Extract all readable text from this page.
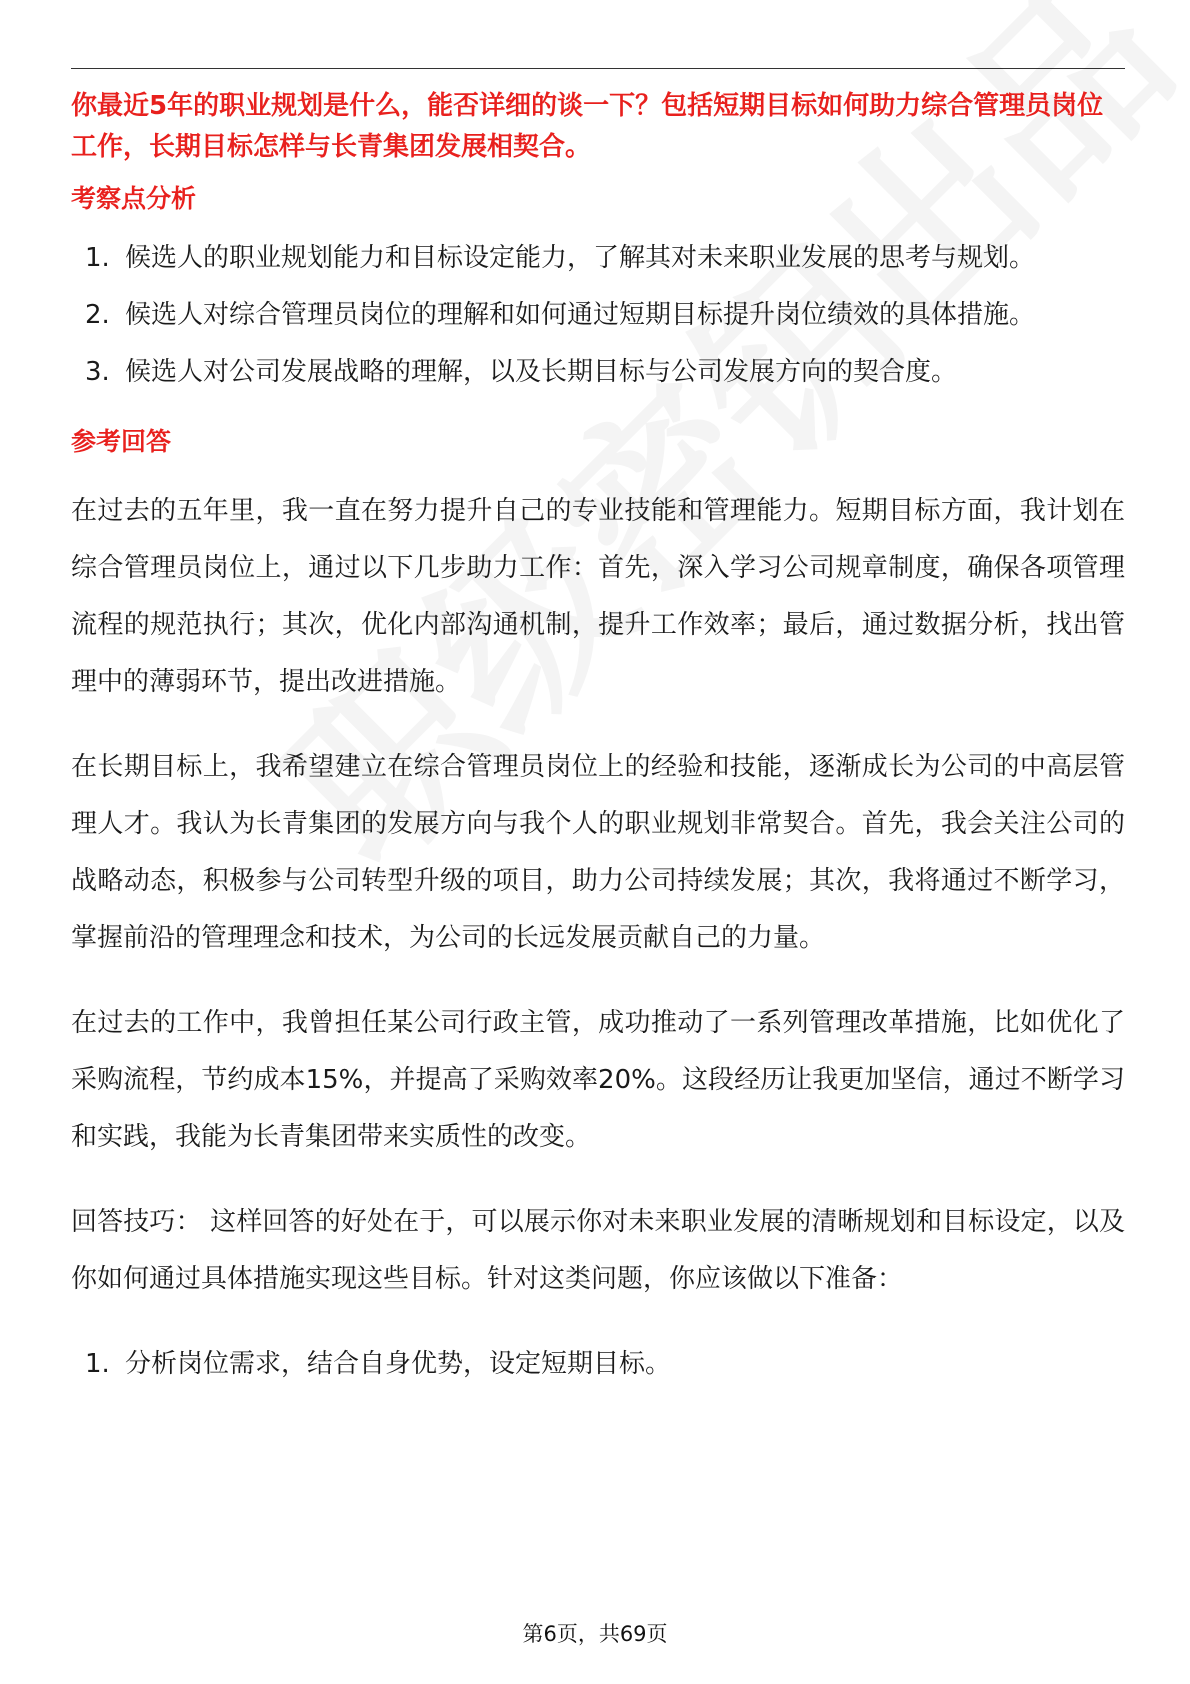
你最近5年的职业规划是什么，能否详细的谈一下？包括短期目标如何助力综合管理员岗位工作，长期目标怎样与长青集团发展相契合。

考察点分析
1. 候选人的职业规划能力和目标设定能力，了解其对未来职业发展的思考与规划。
2. 候选人对综合管理员岗位的理解和如何通过短期目标提升岗位绩效的具体措施。
3. 候选人对公司发展战略的理解，以及长期目标与公司发展方向的契合度。
参考回答

在过去的五年里，我一直在努力提升自己的专业技能和管理能力。短期目标方面，我计划在综合管理员岗位上，通过以下几步助力工作：首先，深入学习公司规章制度，确保各项管理流程的规范执行；其次，优化内部沟通机制，提升工作效率；最后，通过数据分析，找出管理中的薄弱环节，提出改进措施。

在长期目标上，我希望建立在综合管理员岗位上的经验和技能，逐渐成长为公司的中高层管理人才。我认为长青集团的发展方向与我个人的职业规划非常契合。首先，我会关注公司的战略动态，积极参与公司转型升级的项目，助力公司持续发展；其次，我将通过不断学习，掌握前沿的管理理念和技术，为公司的长远发展贡献自己的力量。

在过去的工作中，我曾担任某公司行政主管，成功推动了一系列管理改革措施，比如优化了采购流程，节约成本15%，并提高了采购效率20%。这段经历让我更加坚信，通过不断学习和实践，我能为长青集团带来实质性的改变。

回答技巧： 这样回答的好处在于，可以展示你对未来职业发展的清晰规划和目标设定，以及你如何通过具体措施实现这些目标。针对这类问题，你应该做以下准备：

1. 分析岗位需求，结合自身优势，设定短期目标。
第6页，共69页
